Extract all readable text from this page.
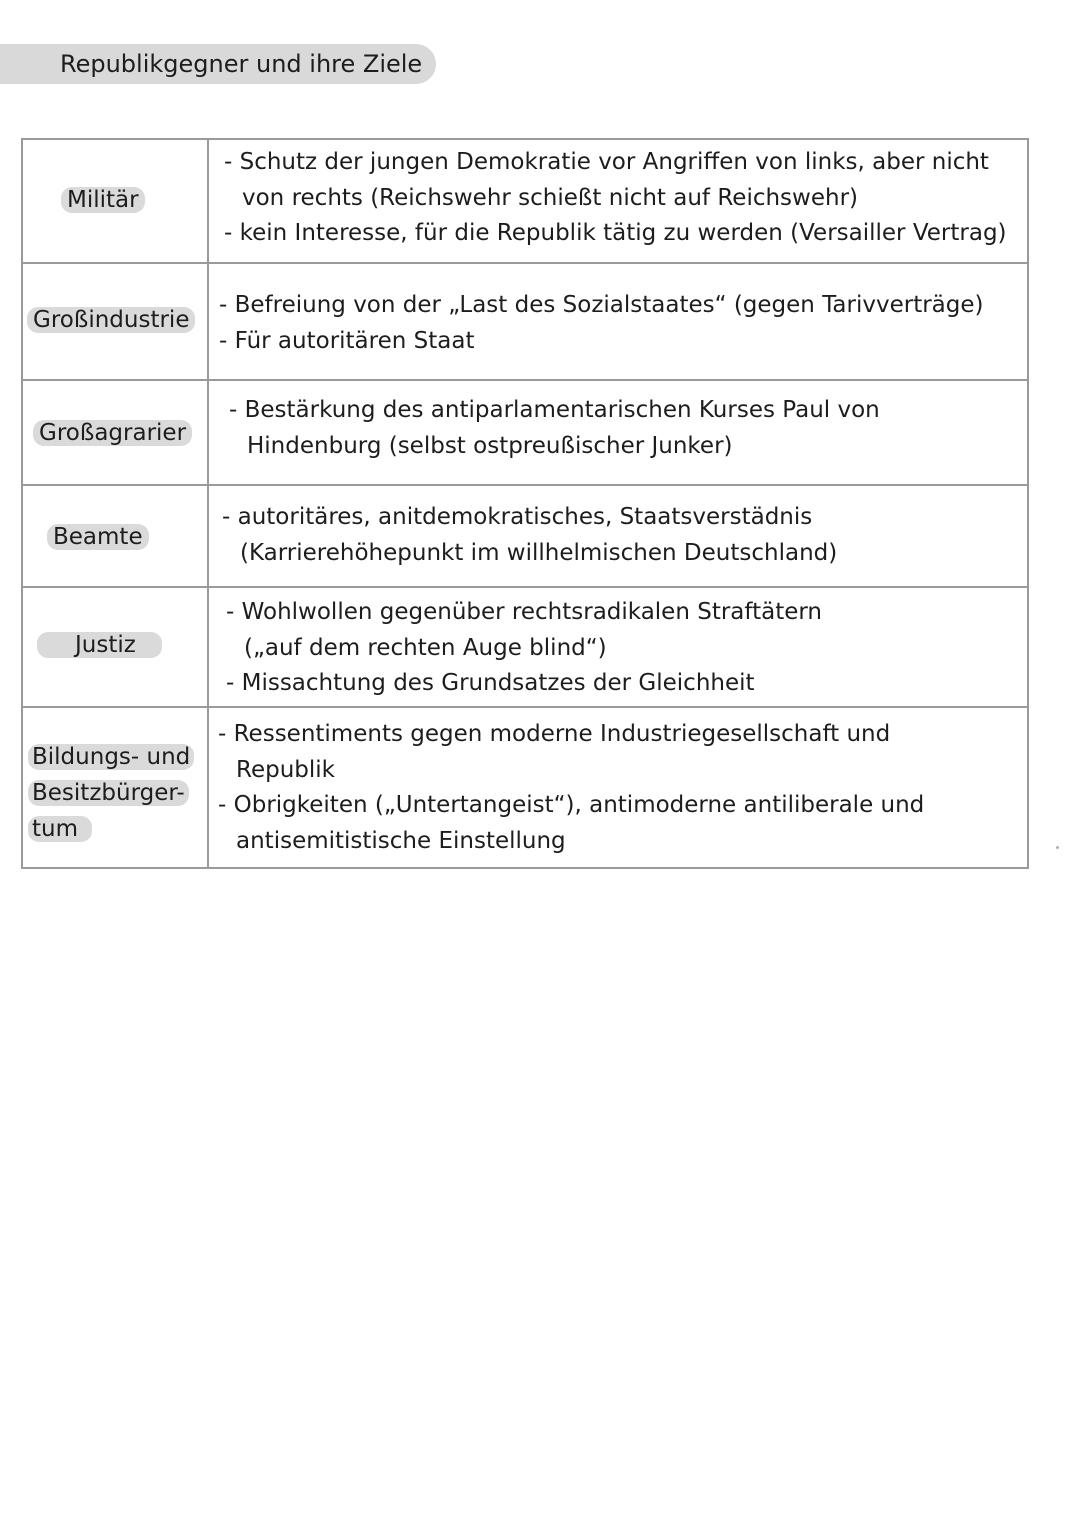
Republikgegner und ihre Ziele
Militär
- Schutz der jungen Demokratie vor Angriffen von links, aber nicht
von rechts (Reichswehr schießt nicht auf Reichswehr)
- kein Interesse, für die Republik tätig zu werden (Versailler Vertrag)
Großindustrie
- Befreiung von der „Last des Sozialstaates“ (gegen Tarivverträge)
- Für autoritären Staat
Großagrarier
- Bestärkung des antiparlamentarischen Kurses Paul von
Hindenburg (selbst ostpreußischer Junker)
Beamte
- autoritäres, anitdemokratisches, Staatsverstädnis
(Karrierehöhepunkt im willhelmischen Deutschland)
Justiz
- Wohlwollen gegenüber rechtsradikalen Straftätern
(„auf dem rechten Auge blind“)
- Missachtung des Grundsatzes der Gleichheit
Bildungs- und
Besitzbürger-
tum
- Ressentiments gegen moderne Industriegesellschaft und
Republik
- Obrigkeiten („Untertangeist“), antimoderne antiliberale und
antisemitistische Einstellung
